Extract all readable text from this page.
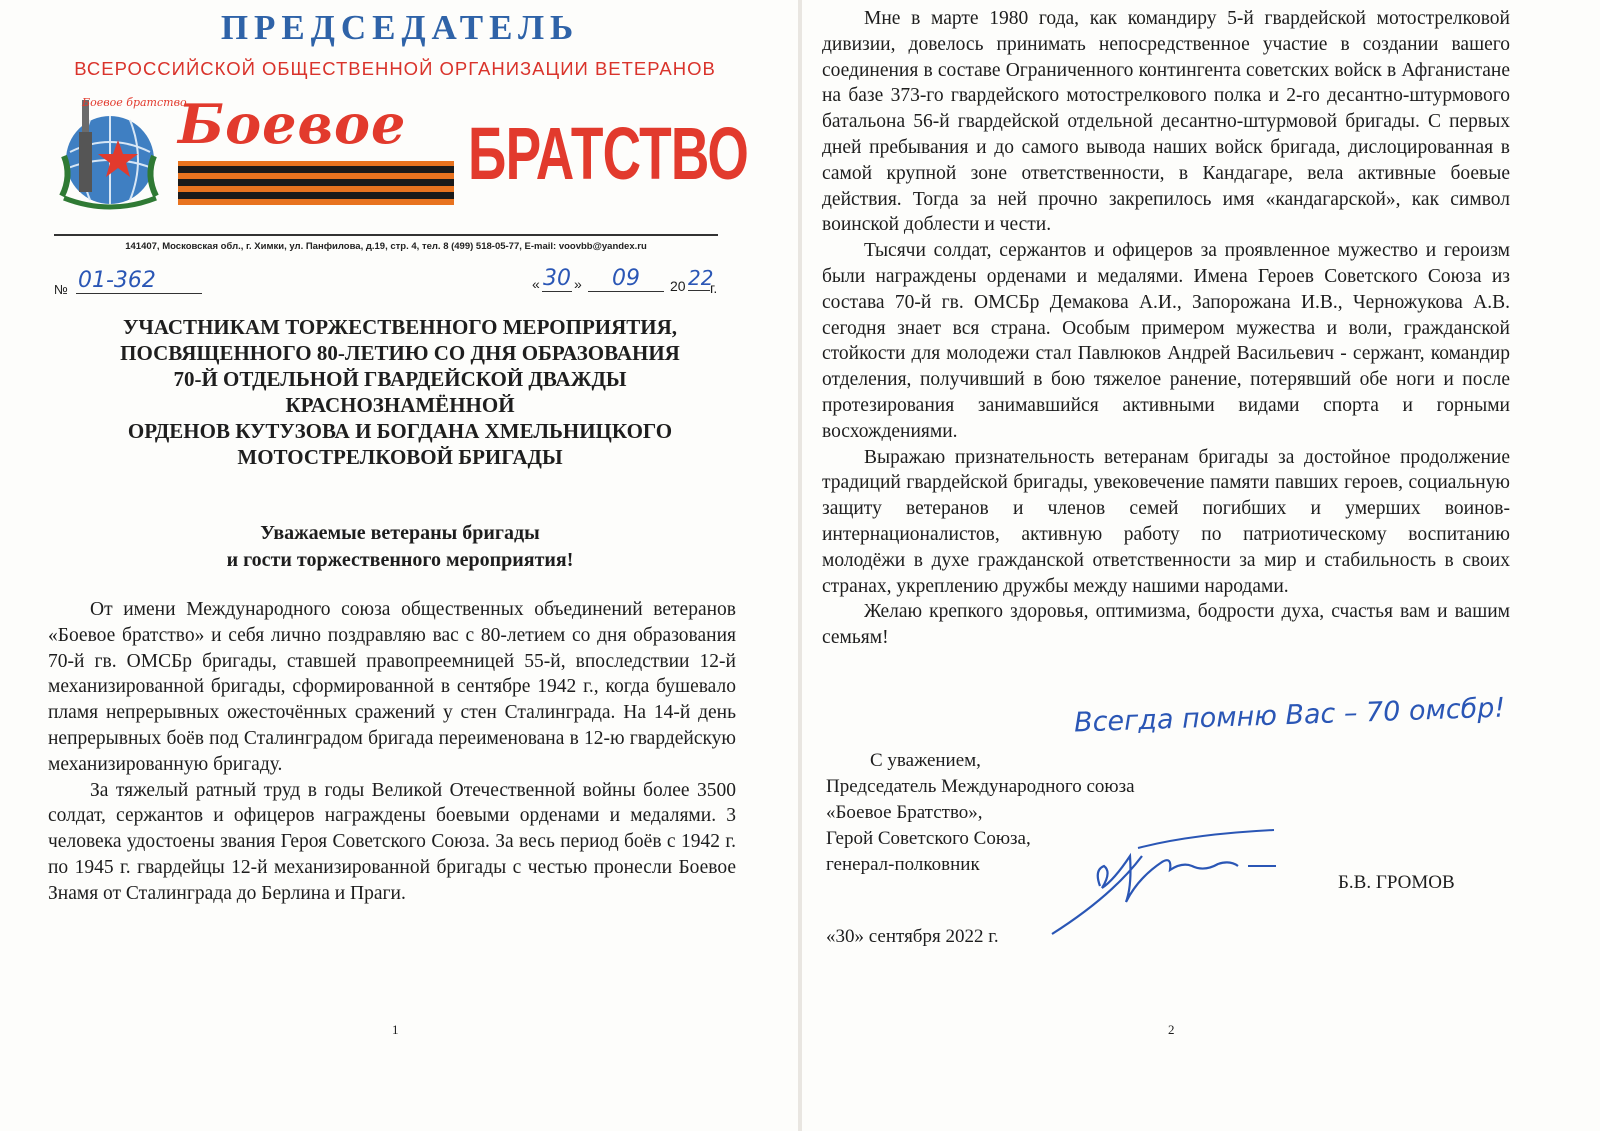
ПРЕДСЕДАТЕЛЬ
ВСЕРОССИЙСКОЙ ОБЩЕСТВЕННОЙ ОРГАНИЗАЦИИ ВЕТЕРАНОВ
Боевое братство
Боевое БРАТСТВО
141407, Московская обл., г. Химки, ул. Панфилова, д.19, стр. 4, тел. 8 (499) 518-05-77, E-mail: voovbb@yandex.ru
№ 01-362	« 30 »	09	20 22
г.
УЧАСТНИКАМ ТОРЖЕСТВЕННОГО МЕРОПРИЯТИЯ,
ПОСВЯЩЕННОГО 80-ЛЕТИЮ СО ДНЯ ОБРАЗОВАНИЯ
70-Й ОТДЕЛЬНОЙ ГВАРДЕЙСКОЙ ДВАЖДЫ
КРАСНОЗНАМЁННОЙ
ОРДЕНОВ КУТУЗОВА И БОГДАНА ХМЕЛЬНИЦКОГО
МОТОСТРЕЛКОВОЙ БРИГАДЫ
Уважаемые ветераны бригады
и гости торжественного мероприятия!

От имени Международного союза общественных объединений ветеранов «Боевое братство» и себя лично поздравляю вас с 80-летием со дня образования 70-й гв. ОМСБр бригады, ставшей правопреемницей 55-й, впоследствии 12-й механизированной бригады, сформированной в сентябре 1942 г., когда бушевало пламя непрерывных ожесточённых сражений у стен Сталинграда. На 14-й день непрерывных боёв под Сталинградом бригада переименована в 12-ю гвардейскую механизированную бригаду.

За тяжелый ратный труд в годы Великой Отечественной войны более 3500 солдат, сержантов и офицеров награждены боевыми орденами и медалями. 3 человека удостоены звания Героя Советского Союза. За весь период боёв с 1942 г. по 1945 г. гвардейцы 12-й механизированной бригады с честью пронесли Боевое Знамя от Сталинграда до Берлина и Праги.

1

Мне в марте 1980 года, как командиру 5-й гвардейской мотострелковой дивизии, довелось принимать непосредственное участие в создании вашего соединения в составе Ограниченного контингента советских войск в Афганистане на базе 373-го гвардейского мотострелкового полка и 2-го десантно-штурмового батальона 56-й гвардейской отдельной десантно-штурмовой бригады. С первых дней пребывания и до самого вывода наших войск бригада, дислоцированная в самой крупной зоне ответственности, в Кандагаре, вела активные боевые действия. Тогда за ней прочно закрепилось имя «кандагарской», как символ воинской доблести и чести.

Тысячи солдат, сержантов и офицеров за проявленное мужество и героизм были награждены орденами и медалями. Имена Героев Советского Союза из состава 70-й гв. ОМСБр Демакова А.И., Запорожана И.В., Черножукова А.В. сегодня знает вся страна. Особым примером мужества и воли, гражданской стойкости для молодежи стал Павлюков Андрей Васильевич - сержант, командир отделения, получивший в бою тяжелое ранение, потерявший обе ноги и после протезирования занимавшийся активными видами спорта и горными восхождениями.

Выражаю признательность ветеранам бригады за достойное продолжение традиций гвардейской бригады, увековечение памяти павших героев, социальную защиту ветеранов и членов семей погибших и умерших воинов-интернационалистов, активную работу по патриотическому воспитанию молодёжи в духе гражданской ответственности за мир и стабильность в своих странах, укреплению дружбы между нашими народами.

Желаю крепкого здоровья, оптимизма, бодрости духа, счастья вам и вашим семьям!

Всегда помню Вас – 70 омсбр!
С уважением,
Председатель Международного союза
«Боевое Братство»,
Герой Советского Союза,
генерал-полковник
Б.В. ГРОМОВ
«30» сентября 2022 г.
2
